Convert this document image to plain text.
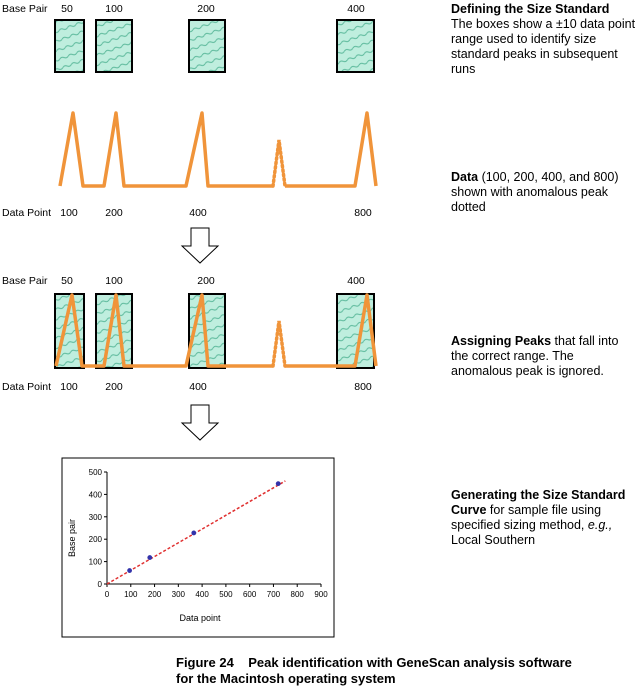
Base Pair 50	100	200	400
Data Point 100	200	400	800
Base Pair 50	100	200	400
Data Point 100	200	400	800
0 100 200 300 400 500 600 700 800 900
0
100
200
300
400
500
Data point
Base pair
Defining the Size Standard
The boxes show a ±10 data point range used to identify size standard peaks in subsequent runs
Data (100, 200, 400, and 800) shown with anomalous peak dotted
Assigning Peaks that fall into the correct range. The anomalous peak is ignored.
Generating the Size Standard Curve for sample file using specified sizing method, e.g., Local Southern
Figure 24    Peak identification with GeneScan analysis software
for the Macintosh operating system
